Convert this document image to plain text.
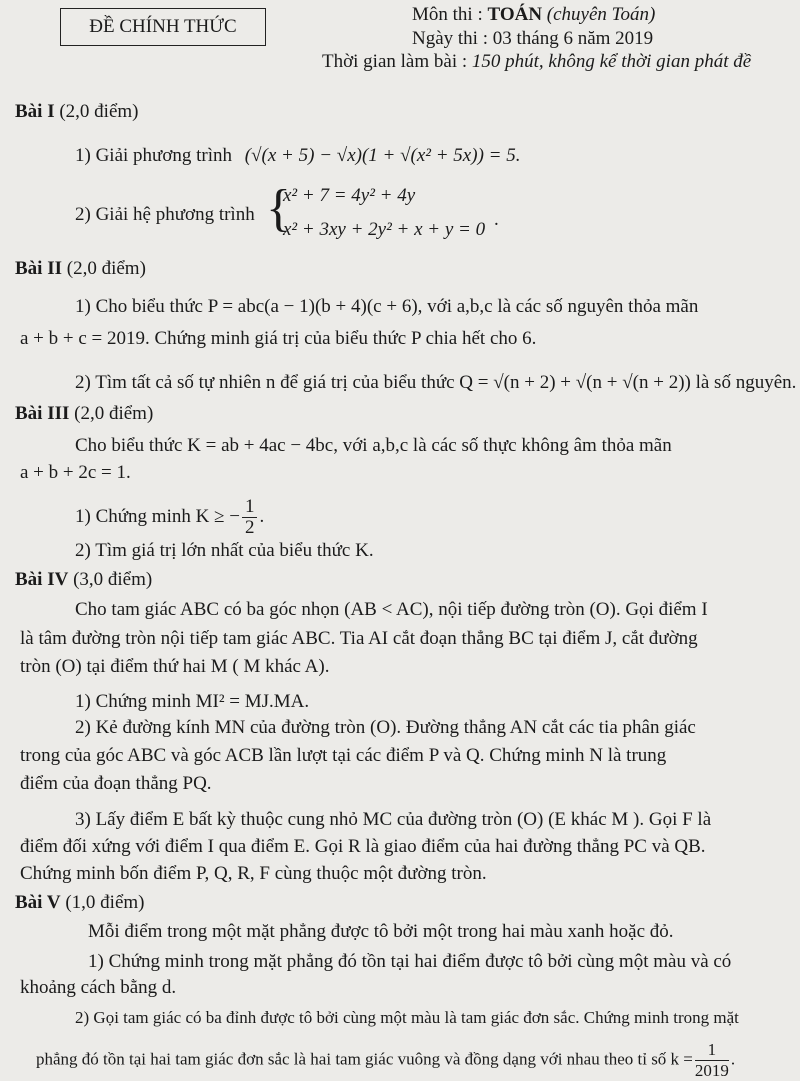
ĐỀ CHÍNH THỨC
Môn thi : TOÁN (chuyên Toán)
Ngày thi : 03 tháng 6 năm 2019
Thời gian làm bài : 150 phút, không kể thời gian phát đề
Bài I (2,0 điểm)
1) Giải phương trình (√(x + 5) − √x)(1 + √(x² + 5x)) = 5.
2) Giải hệ phương trình {
x² + 7 = 4y² + 4y
x² + 3xy + 2y² + x + y = 0 .
Bài II (2,0 điểm)
1) Cho biểu thức P = abc(a − 1)(b + 4)(c + 6), với a,b,c là các số nguyên thỏa mãn
a + b + c = 2019. Chứng minh giá trị của biểu thức P chia hết cho 6.
2) Tìm tất cả số tự nhiên n để giá trị của biểu thức Q = √(n + 2) + √(n + √(n + 2)) là số nguyên.
Bài III (2,0 điểm)
Cho biểu thức K = ab + 4ac − 4bc, với a,b,c là các số thực không âm thỏa mãn
a + b + 2c = 1.
1) Chứng minh K ≥ − $\frac{1}{2}$ .
2) Tìm giá trị lớn nhất của biểu thức K.
Bài IV (3,0 điểm)
Cho tam giác ABC có ba góc nhọn (AB < AC), nội tiếp đường tròn (O). Gọi điểm I
là tâm đường tròn nội tiếp tam giác ABC. Tia AI cắt đoạn thẳng BC tại điểm J, cắt đường
tròn (O) tại điểm thứ hai M ( M khác A).
1) Chứng minh MI² = MJ.MA.
2) Kẻ đường kính MN của đường tròn (O). Đường thẳng AN cắt các tia phân giác
trong của góc ABC và góc ACB lần lượt tại các điểm P và Q. Chứng minh N là trung
điểm của đoạn thẳng PQ.
3) Lấy điểm E bất kỳ thuộc cung nhỏ MC của đường tròn (O) (E khác M ). Gọi F là
điểm đối xứng với điểm I qua điểm E. Gọi R là giao điểm của hai đường thẳng PC và QB.
Chứng minh bốn điểm P, Q, R, F cùng thuộc một đường tròn.
Bài V (1,0 điểm)
Mỗi điểm trong một mặt phẳng được tô bởi một trong hai màu xanh hoặc đỏ.
1) Chứng minh trong mặt phẳng đó tồn tại hai điểm được tô bởi cùng một màu và có
khoảng cách bằng d.
2) Gọi tam giác có ba đỉnh được tô bởi cùng một màu là tam giác đơn sắc. Chứng minh trong mặt
phẳng đó tồn tại hai tam giác đơn sắc là hai tam giác vuông và đồng dạng với nhau theo tỉ số $k = \frac{1}{2019}$ .
